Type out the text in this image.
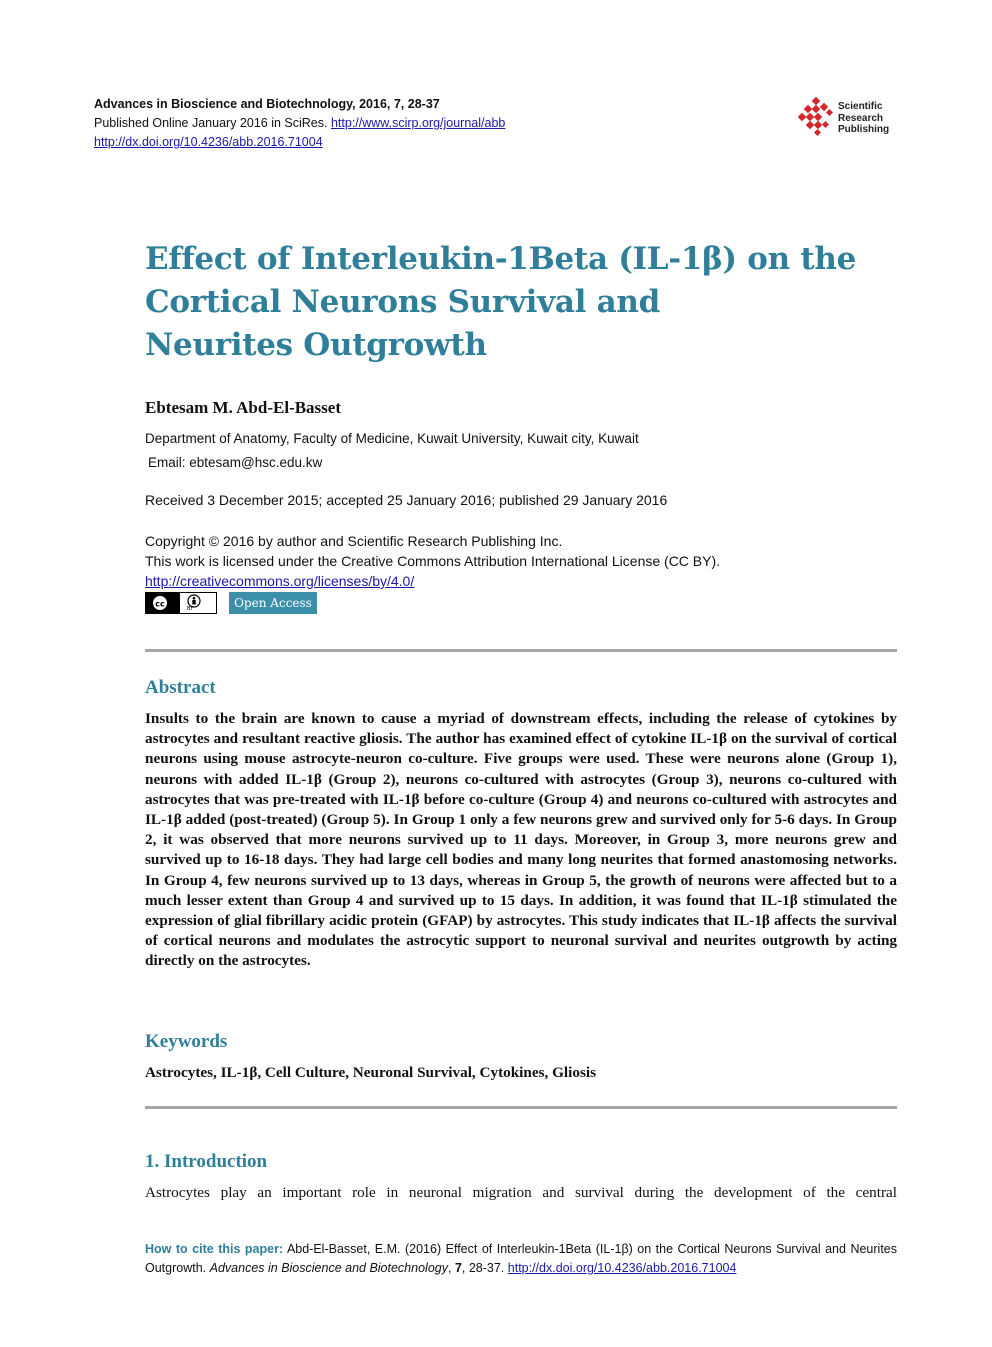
Advances in Bioscience and Biotechnology, 2016, 7, 28-37
Published Online January 2016 in SciRes. http://www.scirp.org/journal/abb
http://dx.doi.org/10.4236/abb.2016.71004
Scientific
Research
Publishing
Effect of Interleukin-1Beta (IL-1β) on the
Cortical Neurons Survival and
Neurites Outgrowth
Ebtesam M. Abd-El-Basset
Department of Anatomy, Faculty of Medicine, Kuwait University, Kuwait city, Kuwait
Email: ebtesam@hsc.edu.kw
Received 3 December 2015; accepted 25 January 2016; published 29 January 2016
Copyright © 2016 by author and Scientific Research Publishing Inc.
This work is licensed under the Creative Commons Attribution International License (CC BY).
http://creativecommons.org/licenses/by/4.0/
cc
BY	Open Access
Abstract
Insults to the brain are known to cause a myriad of downstream effects, including the release of cytokines by astrocytes and resultant reactive gliosis. The author has examined effect of cytokine IL-1β on the survival of cortical neurons using mouse astrocyte-neuron co-culture. Five groups were used. These were neurons alone (Group 1), neurons with added IL-1β (Group 2), neurons co-cultured with astrocytes (Group 3), neurons co-cultured with astrocytes that was pre-treated with IL-1β before co-culture (Group 4) and neurons co-cultured with astrocytes and IL-1β added (post-treated) (Group 5). In Group 1 only a few neurons grew and survived only for 5-6 days. In Group 2, it was observed that more neurons survived up to 11 days. Moreover, in Group 3, more neurons grew and survived up to 16-18 days. They had large cell bodies and many long neurites that formed anastomosing networks. In Group 4, few neurons survived up to 13 days, whereas in Group 5, the growth of neurons were affected but to a much lesser extent than Group 4 and survived up to 15 days. In addition, it was found that IL-1β stimulated the expression of glial fibrillary acidic protein (GFAP) by astrocytes. This study indicates that IL-1β affects the survival of cortical neurons and modulates the astrocytic support to neuronal survival and neurites outgrowth by acting directly on the astrocytes.
Keywords
Astrocytes, IL-1β, Cell Culture, Neuronal Survival, Cytokines, Gliosis
1. Introduction
Astrocytes play an important role in neuronal migration and survival during the development of the central
How to cite this paper: Abd-El-Basset, E.M. (2016) Effect of Interleukin-1Beta (IL-1β) on the Cortical Neurons Survival and Neurites Outgrowth. Advances in Bioscience and Biotechnology, 7, 28-37. http://dx.doi.org/10.4236/abb.2016.71004
